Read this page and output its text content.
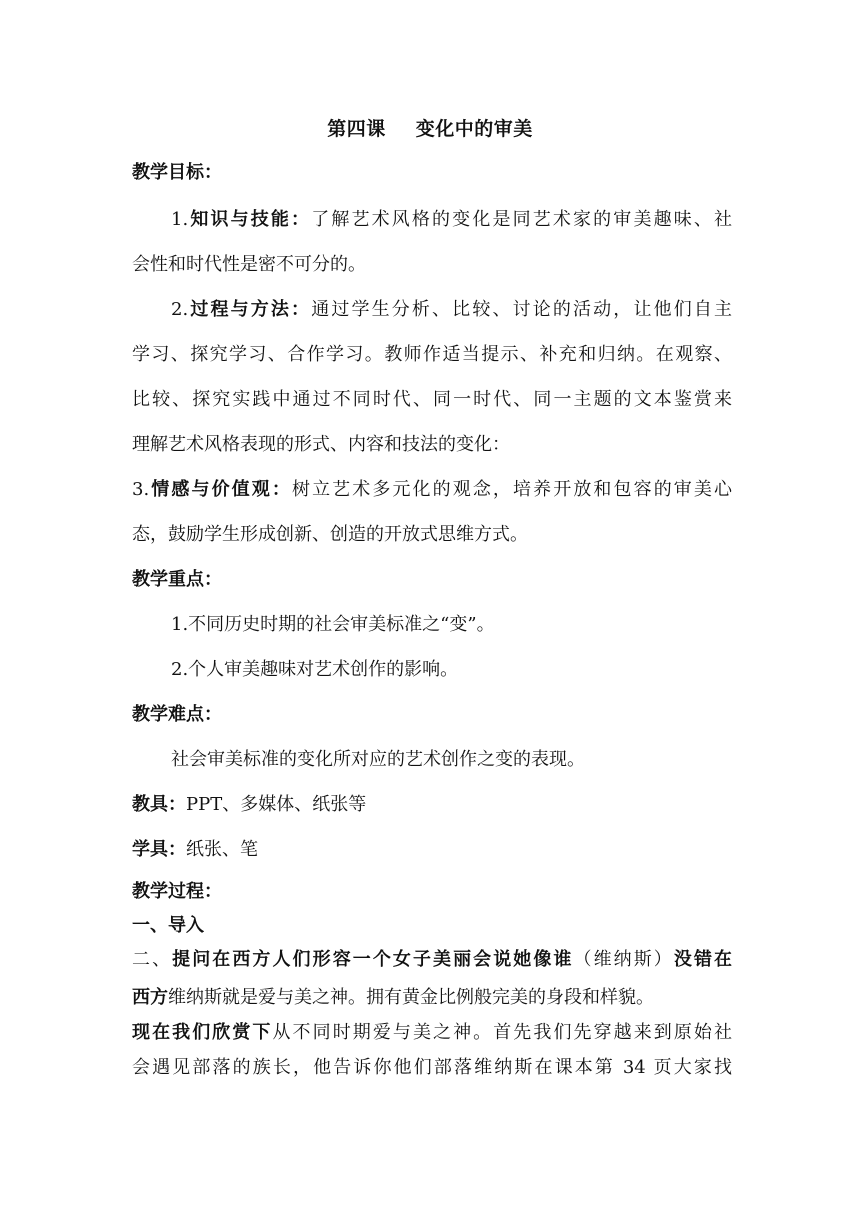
第四课 变化中的审美
教学目标：
1.知识与技能：了解艺术风格的变化是同艺术家的审美趣味、社
会性和时代性是密不可分的。
2.过程与方法：通过学生分析、比较、讨论的活动，让他们自主
学习、探究学习、合作学习。教师作适当提示、补充和归纳。在观察、
比较、探究实践中通过不同时代、同一时代、同一主题的文本鉴赏来
理解艺术风格表现的形式、内容和技法的变化：
3.情感与价值观：树立艺术多元化的观念，培养开放和包容的审美心
态，鼓励学生形成创新、创造的开放式思维方式。
教学重点：
1.不同历史时期的社会审美标准之“变”。
2.个人审美趣味对艺术创作的影响。
教学难点：
社会审美标准的变化所对应的艺术创作之变的表现。
教具：PPT、多媒体、纸张等
学具：纸张、笔
教学过程：
一、导入
二、提问在西方人们形容一个女子美丽会说她像谁（维纳斯）没错在
西方维纳斯就是爱与美之神。拥有黄金比例般完美的身段和样貌。
现在我们欣赏下从不同时期爱与美之神。首先我们先穿越来到原始社
会遇见部落的族长，他告诉你他们部落维纳斯在课本第 34 页大家找
